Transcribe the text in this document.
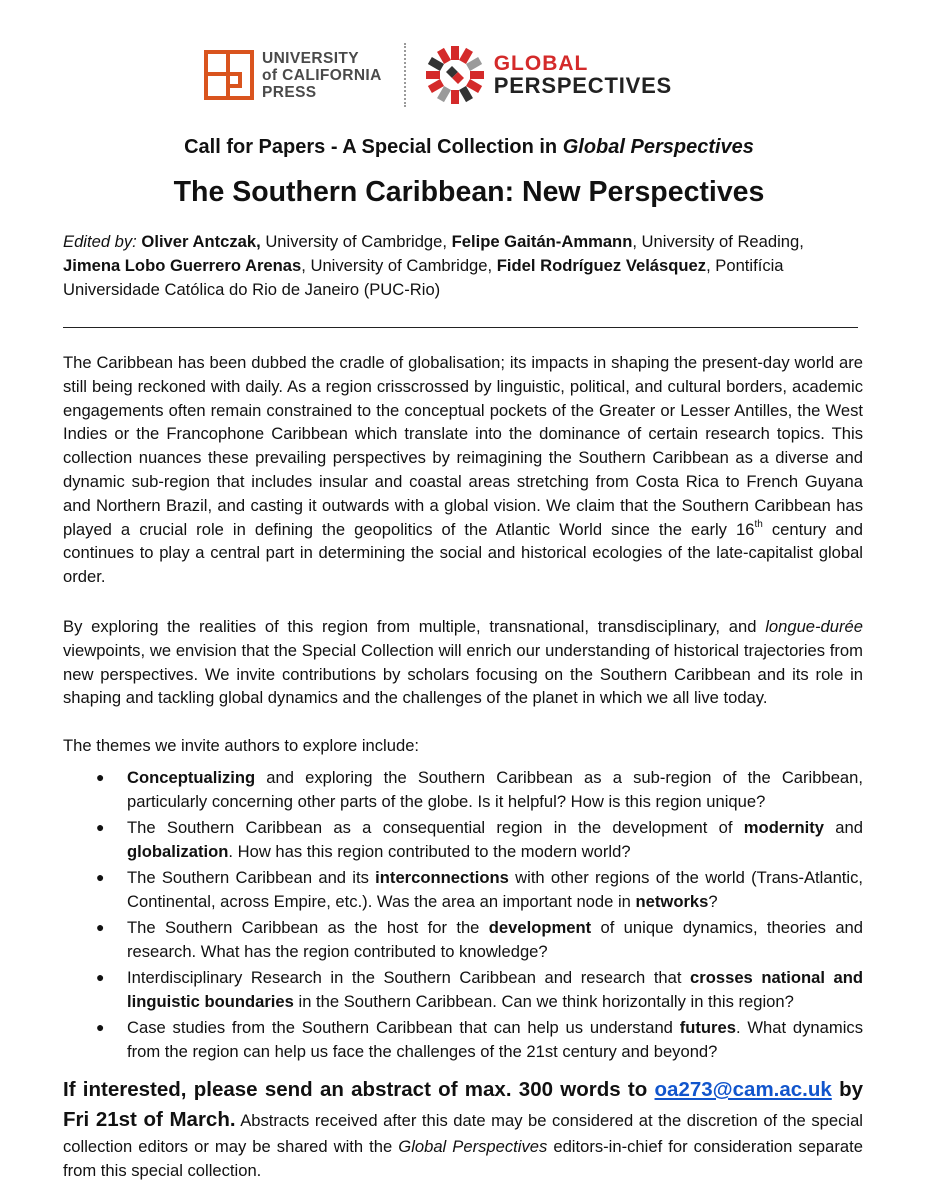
UNIVERSITY
of CALIFORNIA
PRESS
GLOBAL
PERSPECTIVES
Call for Papers - A Special Collection in Global Perspectives
The Southern Caribbean: New Perspectives
Edited by: Oliver Antczak, University of Cambridge, Felipe Gaitán-Ammann, University of Reading, Jimena Lobo Guerrero Arenas, University of Cambridge, Fidel Rodríguez Velásquez, Pontifícia Universidade Católica do Rio de Janeiro (PUC-Rio)
The Caribbean has been dubbed the cradle of globalisation; its impacts in shaping the present-day world are still being reckoned with daily. As a region crisscrossed by linguistic, political, and cultural borders, academic engagements often remain constrained to the conceptual pockets of the Greater or Lesser Antilles, the West Indies or the Francophone Caribbean which translate into the dominance of certain research topics. This collection nuances these prevailing perspectives by reimagining the Southern Caribbean as a diverse and dynamic sub-region that includes insular and coastal areas stretching from Costa Rica to French Guyana and Northern Brazil, and casting it outwards with a global vision. We claim that the Southern Caribbean has played a crucial role in defining the geopolitics of the Atlantic World since the early 16th century and continues to play a central part in determining the social and historical ecologies of the late-capitalist global order.
By exploring the realities of this region from multiple, transnational, transdisciplinary, and longue-durée viewpoints, we envision that the Special Collection will enrich our understanding of historical trajectories from new perspectives. We invite contributions by scholars focusing on the Southern Caribbean and its role in shaping and tackling global dynamics and the challenges of the planet in which we all live today.
The themes we invite authors to explore include:
● Conceptualizing and exploring the Southern Caribbean as a sub-region of the Caribbean, particularly concerning other parts of the globe. Is it helpful? How is this region unique?
● The Southern Caribbean as a consequential region in the development of modernity and globalization. How has this region contributed to the modern world?
● The Southern Caribbean and its interconnections with other regions of the world (Trans-Atlantic, Continental, across Empire, etc.). Was the area an important node in networks?
● The Southern Caribbean as the host for the development of unique dynamics, theories and research. What has the region contributed to knowledge?
● Interdisciplinary Research in the Southern Caribbean and research that crosses national and linguistic boundaries in the Southern Caribbean. Can we think horizontally in this region?
● Case studies from the Southern Caribbean that can help us understand futures. What dynamics from the region can help us face the challenges of the 21st century and beyond?
If interested, please send an abstract of max. 300 words to oa273@cam.ac.uk by Fri 21st of March. Abstracts received after this date may be considered at the discretion of the special collection editors or may be shared with the Global Perspectives editors-in-chief for consideration separate from this special collection.
